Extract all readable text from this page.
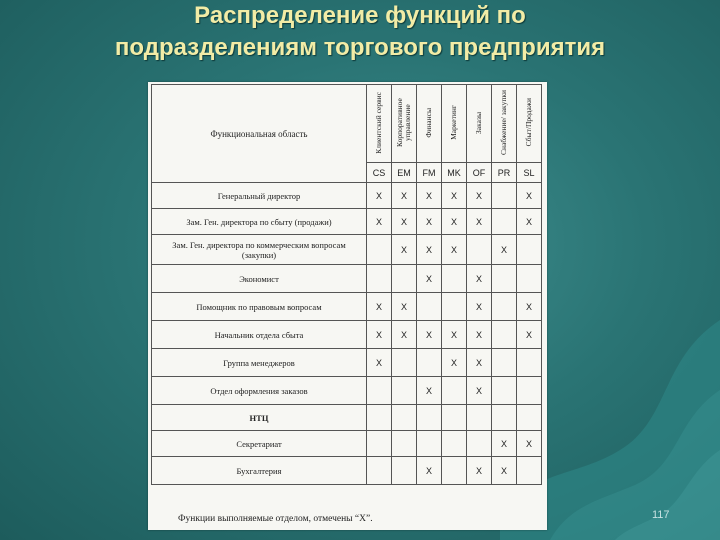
Распределение функций по
подразделениям торгового предприятия
Функциональная область	Клиентский сервис	Корпоративное управление	Финансы	Маркетинг	Заказы	Снабжение/ закупки	Сбыт/Продажи
	CS	EM	FM	MK	OF	PR	SL
Генеральный директор	X	X	X	X	X		X
Зам. Ген. директора по сбыту (продажи)	X	X	X	X	X		X
Зам. Ген. директора по коммерческим вопросам (закупки)		X	X	X		X	
Экономист			X		X		
Помощник по правовым вопросам	X	X			X		X
Начальник отдела сбыта	X	X	X	X	X		X
Группа менеджеров	X			X	X		
Отдел оформления заказов			X		X		
НТЦ							
Секретариат						X	X
Бухгалтерия			X		X	X	
Функции выполняемые отделом, отмечены “X”.	117
